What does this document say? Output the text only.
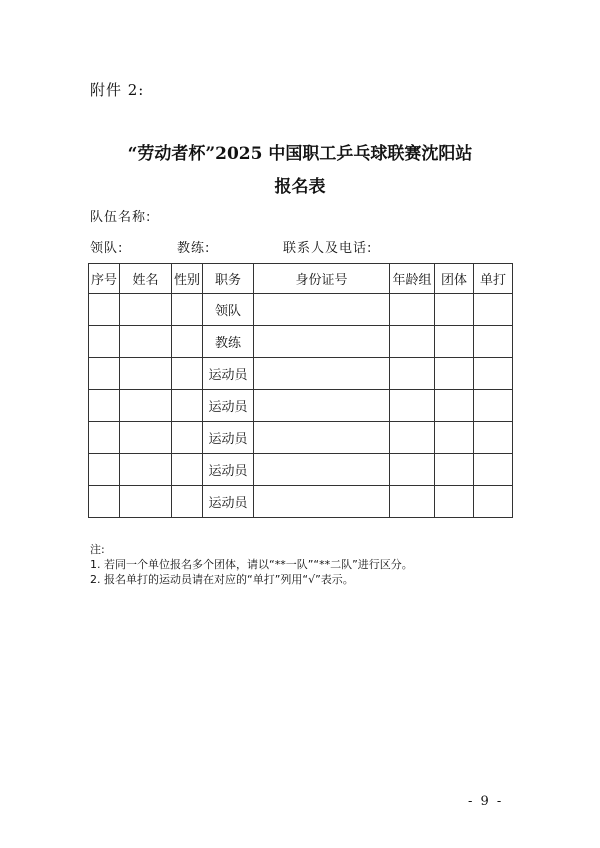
附件 2:
“劳动者杯”2025 中国职工乒乓球联赛沈阳站
报名表
队伍名称:
领队:	教练:	联系人及电话:
序号	姓名	性别	职务	身份证号	年龄组	团体	单打
			领队				
			教练				
			运动员				
			运动员				
			运动员				
			运动员				
			运动员				
注:
1. 若同一个单位报名多个团体，请以“**一队”“**二队”进行区分。
2. 报名单打的运动员请在对应的“单打”列用“√”表示。
- 9 -
